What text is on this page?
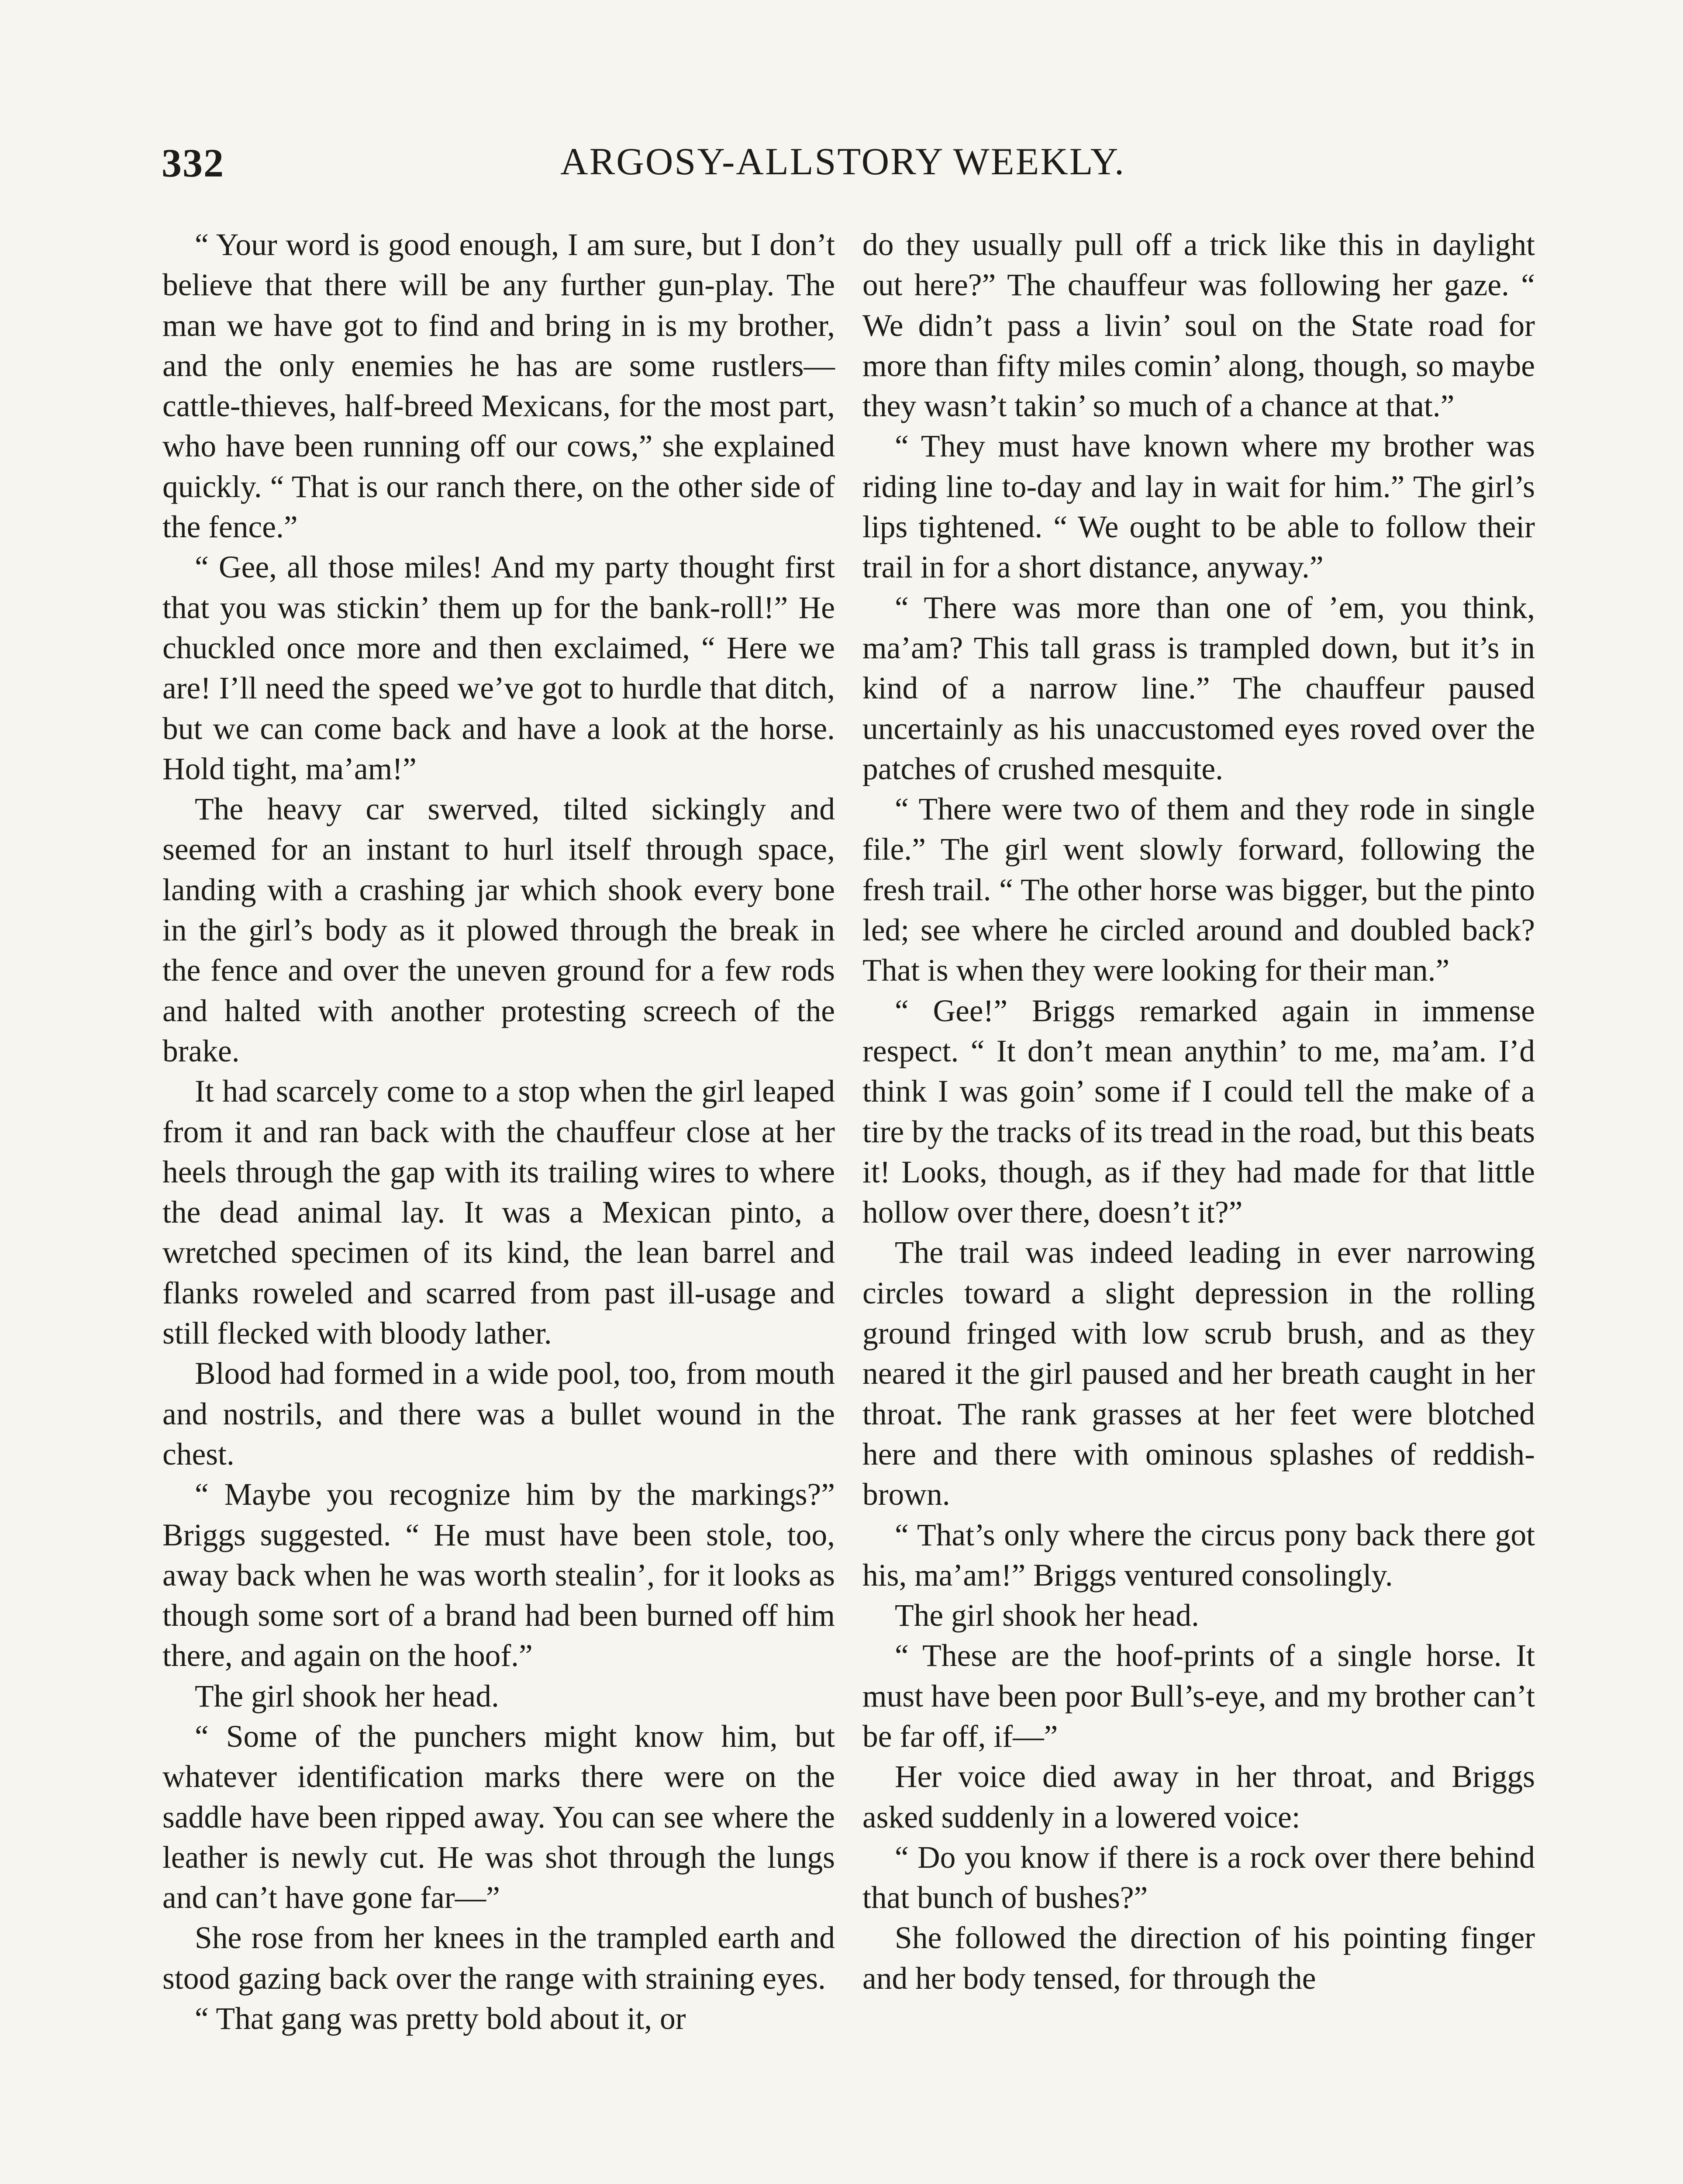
332	ARGOSY-ALLSTORY WEEKLY.

“ Your word is good enough, I am sure, but I don’t believe that there will be any further gun-play. The man we have got to find and bring in is my brother, and the only enemies he has are some rustlers—cattle-thieves, half-breed Mexicans, for the most part, who have been running off our cows,” she explained quickly. “ That is our ranch there, on the other side of the fence.”

“ Gee, all those miles! And my party thought first that you was stickin’ them up for the bank-roll!” He chuckled once more and then exclaimed, “ Here we are! I’ll need the speed we’ve got to hurdle that ditch, but we can come back and have a look at the horse. Hold tight, ma’am!”

The heavy car swerved, tilted sickingly and seemed for an instant to hurl itself through space, landing with a crashing jar which shook every bone in the girl’s body as it plowed through the break in the fence and over the uneven ground for a few rods and halted with another protesting screech of the brake.

It had scarcely come to a stop when the girl leaped from it and ran back with the chauffeur close at her heels through the gap with its trailing wires to where the dead animal lay. It was a Mexican pinto, a wretched specimen of its kind, the lean barrel and flanks roweled and scarred from past ill-usage and still flecked with bloody lather.

Blood had formed in a wide pool, too, from mouth and nostrils, and there was a bullet wound in the chest.

“ Maybe you recognize him by the markings?” Briggs suggested. “ He must have been stole, too, away back when he was worth stealin’, for it looks as though some sort of a brand had been burned off him there, and again on the hoof.”

The girl shook her head.

“ Some of the punchers might know him, but whatever identification marks there were on the saddle have been ripped away. You can see where the leather is newly cut. He was shot through the lungs and can’t have gone far—”

She rose from her knees in the trampled earth and stood gazing back over the range with straining eyes.

“ That gang was pretty bold about it, or

do they usually pull off a trick like this in daylight out here?” The chauffeur was following her gaze. “ We didn’t pass a livin’ soul on the State road for more than fifty miles comin’ along, though, so maybe they wasn’t takin’ so much of a chance at that.”

“ They must have known where my brother was riding line to-day and lay in wait for him.” The girl’s lips tightened. “ We ought to be able to follow their trail in for a short distance, anyway.”

“ There was more than one of ’em, you think, ma’am? This tall grass is trampled down, but it’s in kind of a narrow line.” The chauffeur paused uncertainly as his unaccustomed eyes roved over the patches of crushed mesquite.

“ There were two of them and they rode in single file.” The girl went slowly forward, following the fresh trail. “ The other horse was bigger, but the pinto led; see where he circled around and doubled back? That is when they were looking for their man.”

“ Gee!” Briggs remarked again in immense respect. “ It don’t mean anythin’ to me, ma’am. I’d think I was goin’ some if I could tell the make of a tire by the tracks of its tread in the road, but this beats it! Looks, though, as if they had made for that little hollow over there, doesn’t it?”

The trail was indeed leading in ever narrowing circles toward a slight depression in the rolling ground fringed with low scrub brush, and as they neared it the girl paused and her breath caught in her throat. The rank grasses at her feet were blotched here and there with ominous splashes of reddish-brown.

“ That’s only where the circus pony back there got his, ma’am!” Briggs ventured consolingly.

The girl shook her head.

“ These are the hoof-prints of a single horse. It must have been poor Bull’s-eye, and my brother can’t be far off, if—”

Her voice died away in her throat, and Briggs asked suddenly in a lowered voice:

“ Do you know if there is a rock over there behind that bunch of bushes?”

She followed the direction of his pointing finger and her body tensed, for through the
